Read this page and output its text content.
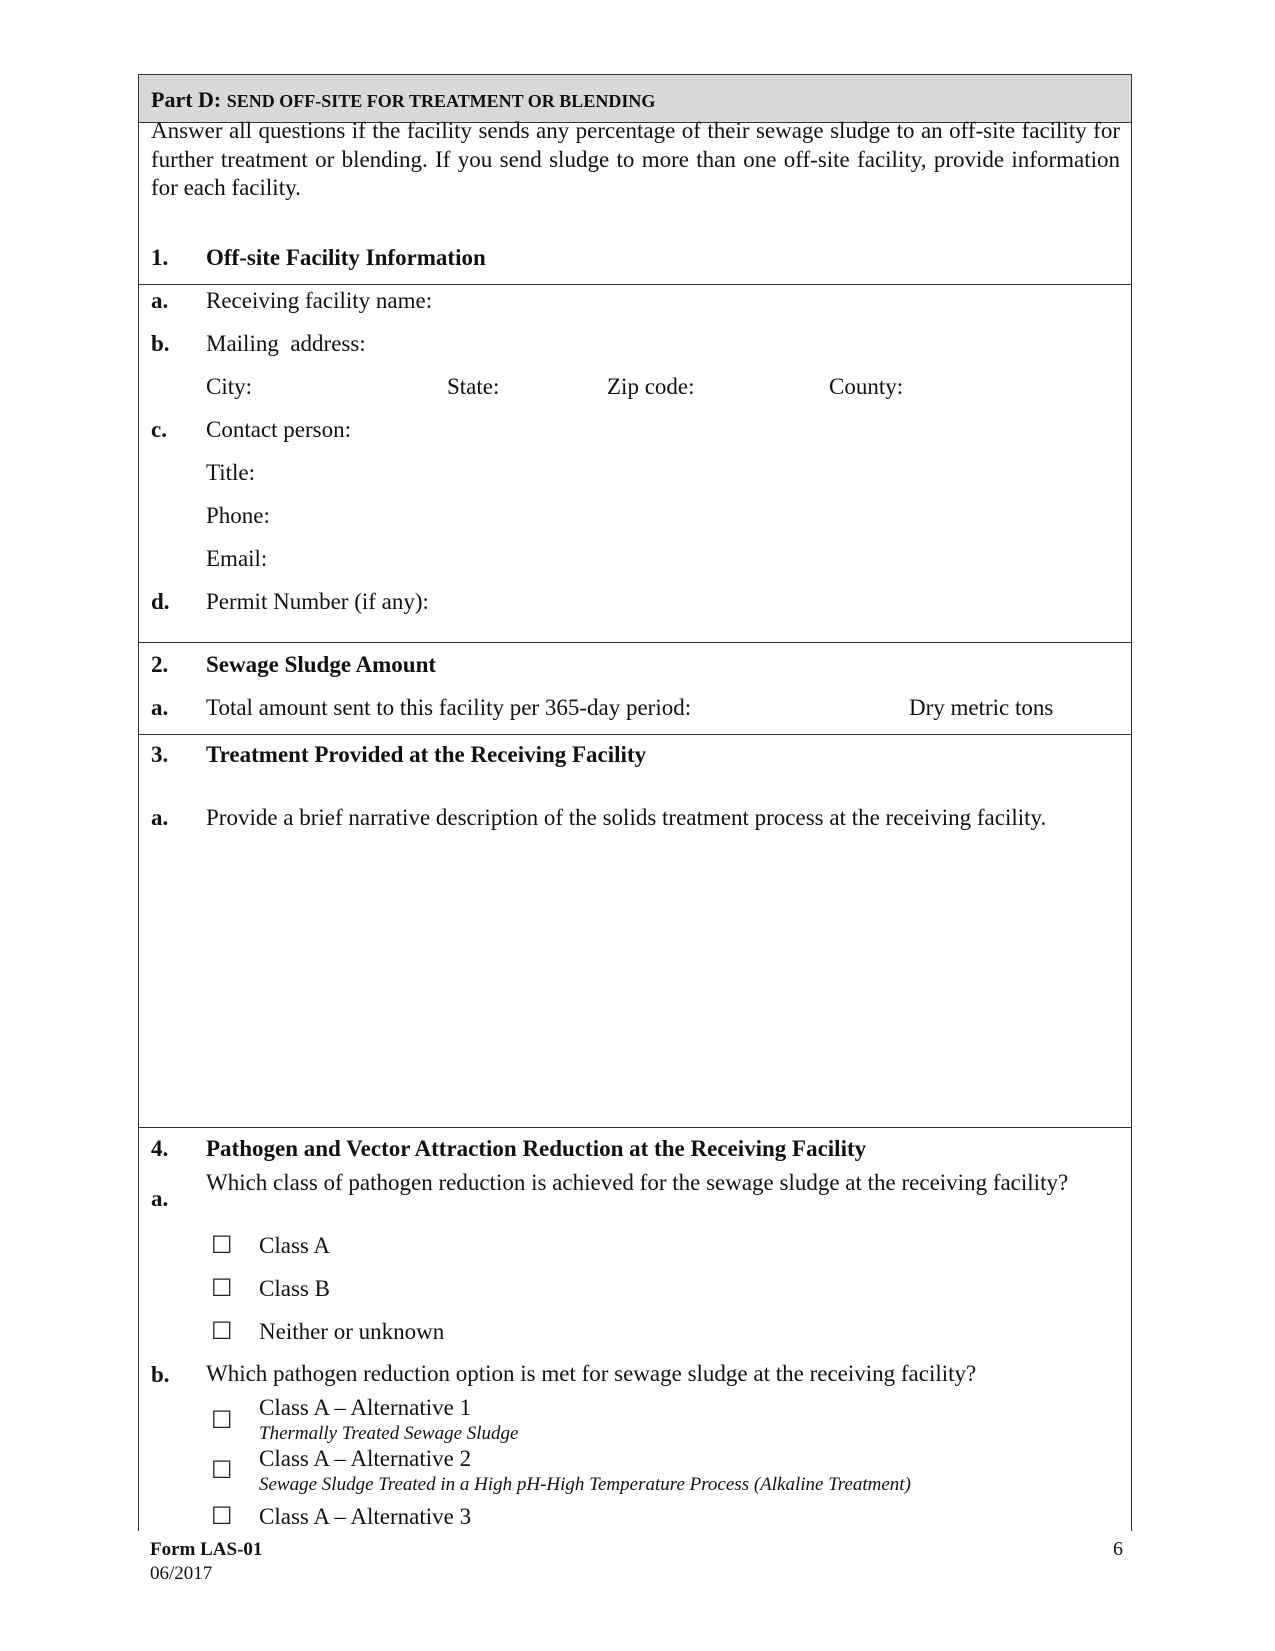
Part D: SEND OFF-SITE FOR TREATMENT OR BLENDING

Answer all questions if the facility sends any percentage of their sewage sludge to an off-site facility for further treatment or blending. If you send sludge to more than one off-site facility, provide information for each facility.

1. Off-site Facility Information
a. Receiving facility name:
b. Mailing  address:
City:	State:	Zip code:	County:
c. Contact person:
Title:
Phone:
Email:
d. Permit Number (if any):
2. Sewage Sludge Amount
a. Total amount sent to this facility per 365-day period:	Dry metric tons
3. Treatment Provided at the Receiving Facility
a. Provide a brief narrative description of the solids treatment process at the receiving facility.
4. Pathogen and Vector Attraction Reduction at the Receiving Facility
a.
Which class of pathogen reduction is achieved for the sewage sludge at the receiving facility?
☐ Class A
☐ Class B
☐ Neither or unknown
b. Which pathogen reduction option is met for sewage sludge at the receiving facility?
☐ Class A – Alternative 1
Thermally Treated Sewage Sludge
☐ Class A – Alternative 2
Sewage Sludge Treated in a High pH-High Temperature Process (Alkaline Treatment)
☐ Class A – Alternative 3
Form LAS-01
06/2017
6
